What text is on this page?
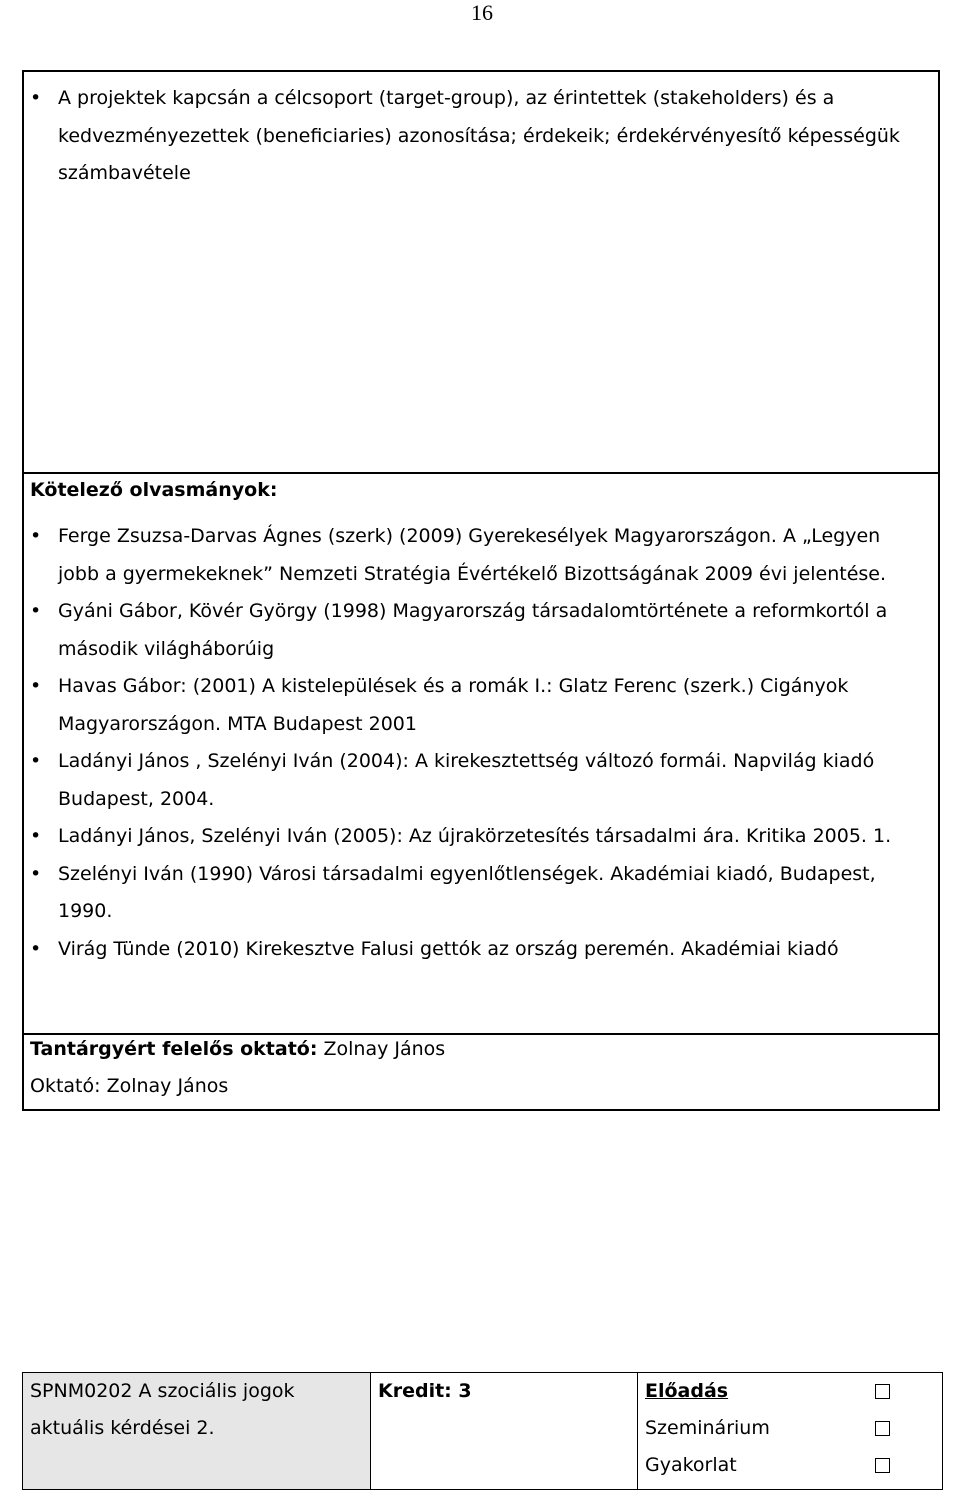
16
• A projektek kapcsán a célcsoport (target-group), az érintettek (stakeholders) és a kedvezményezettek (beneficiaries) azonosítása; érdekeik; érdekérvényesítő képességük számbavétele
Kötelező olvasmányok:
• Ferge Zsuzsa-Darvas Ágnes (szerk) (2009) Gyerekesélyek Magyarországon. A „Legyen jobb a gyermekeknek” Nemzeti Stratégia Évértékelő Bizottságának 2009 évi jelentése.
• Gyáni Gábor, Kövér György (1998) Magyarország társadalomtörténete a reformkortól a második világháborúig
• Havas Gábor: (2001) A kistelepülések és a romák I.: Glatz Ferenc (szerk.) Cigányok Magyarországon. MTA Budapest 2001
• Ladányi János , Szelényi Iván (2004): A kirekesztettség változó formái. Napvilág kiadó Budapest, 2004.
• Ladányi János, Szelényi Iván (2005): Az újrakörzetesítés társadalmi ára. Kritika 2005. 1.
• Szelényi Iván (1990) Városi társadalmi egyenlőtlenségek. Akadémiai kiadó, Budapest, 1990.
• Virág Tünde (2010) Kirekesztve Falusi gettók az ország peremén. Akadémiai kiadó
Tantárgyért felelős oktató: Zolnay János
Oktató: Zolnay János
SPNM0202 A szociális jogok
aktuális kérdései 2.
Kredit: 3	Előadás
Szeminárium
Gyakorlat
